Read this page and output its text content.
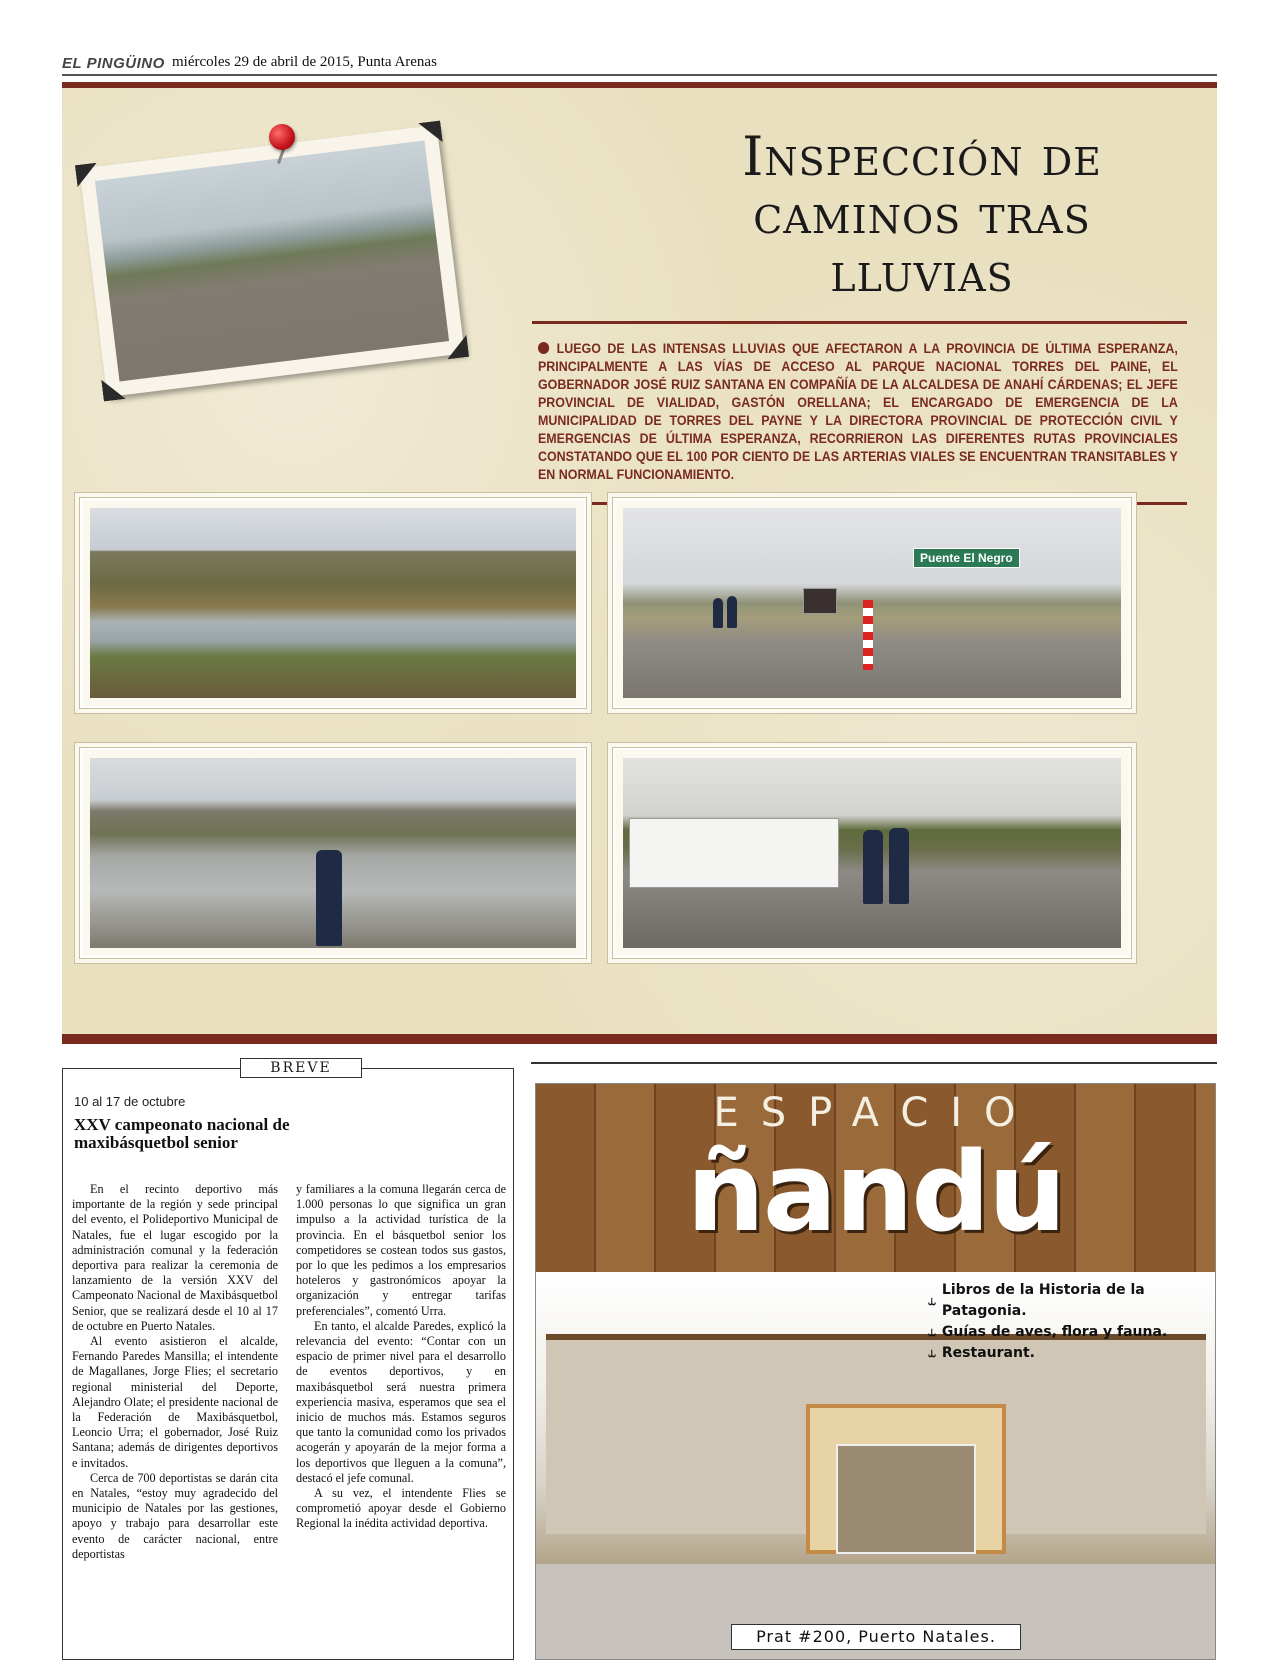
EL PINGÜINO miércoles 29 de abril de 2015, Punta Arenas
Inspección de caminos tras lluvias
LUEGO DE LAS INTENSAS LLUVIAS QUE AFECTARON A LA PROVINCIA DE ÚLTIMA ESPERANZA, PRINCIPALMENTE A LAS VÍAS DE ACCESO AL PARQUE NACIONAL TORRES DEL PAINE, EL GOBERNADOR JOSÉ RUIZ SANTANA EN COMPAÑÍA DE LA ALCALDESA DE ANAHÍ CÁRDENAS; EL JEFE PROVINCIAL DE VIALIDAD, GASTÓN ORELLANA; EL ENCARGADO DE EMERGENCIA DE LA MUNICIPALIDAD DE TORRES DEL PAYNE Y LA DIRECTORA PROVINCIAL DE PROTECCIÓN CIVIL Y EMERGENCIAS DE ÚLTIMA ESPERANZA, RECORRIERON LAS DIFERENTES RUTAS PROVINCIALES CONSTATANDO QUE EL 100 POR CIENTO DE LAS ARTERIAS VIALES SE ENCUENTRAN TRANSITABLES Y EN NORMAL FUNCIONAMIENTO.
Puente El Negro
BREVE
10 al 17 de octubre
XXV campeonato nacional de maxibásquetbol senior

En el recinto deportivo más importante de la región y sede principal del evento, el Polideportivo Municipal de Natales, fue el lugar escogido por la administración comunal y la federación deportiva para realizar la ceremonia de lanzamiento de la versión XXV del Campeonato Nacional de Maxibásquetbol Senior, que se realizará desde el 10 al 17 de octubre en Puerto Natales.

Al evento asistieron el alcalde, Fernando Paredes Mansilla; el intendente de Magallanes, Jorge Flies; el secretario regional ministerial del Deporte, Alejandro Olate; el presidente nacional de la Federación de Maxibásquetbol, Leoncio Urra; el gobernador, José Ruiz Santana; además de dirigentes deportivos e invitados.

Cerca de 700 deportistas se darán cita en Natales, “estoy muy agradecido del municipio de Natales por las gestiones, apoyo y trabajo para desarrollar este evento de carácter nacional, entre deportistas

y familiares a la comuna llegarán cerca de 1.000 personas lo que significa un gran impulso a la actividad turística de la provincia. En el básquetbol senior los competidores se costean todos sus gastos, por lo que les pedimos a los empresarios hoteleros y gastronómicos apoyar la organización y entregar tarifas preferenciales”, comentó Urra.

En tanto, el alcalde Paredes, explicó la relevancia del evento: “Contar con un espacio de primer nivel para el desarrollo de eventos deportivos, y en maxibásquetbol será nuestra primera experiencia masiva, esperamos que sea el inicio de muchos más. Estamos seguros que tanto la comunidad como los privados acogerán y apoyarán de la mejor forma a los deportivos que lleguen a la comuna”, destacó el jefe comunal.

A su vez, el intendente Flies se comprometió apoyar desde el Gobierno Regional la inédita actividad deportiva.

ESPACIO
ñandú
⥿
Libros de la Historia de la Patagonia.
⥿ Guías de aves, flora y fauna.
⥿ Restaurant.
Prat #200, Puerto Natales.
